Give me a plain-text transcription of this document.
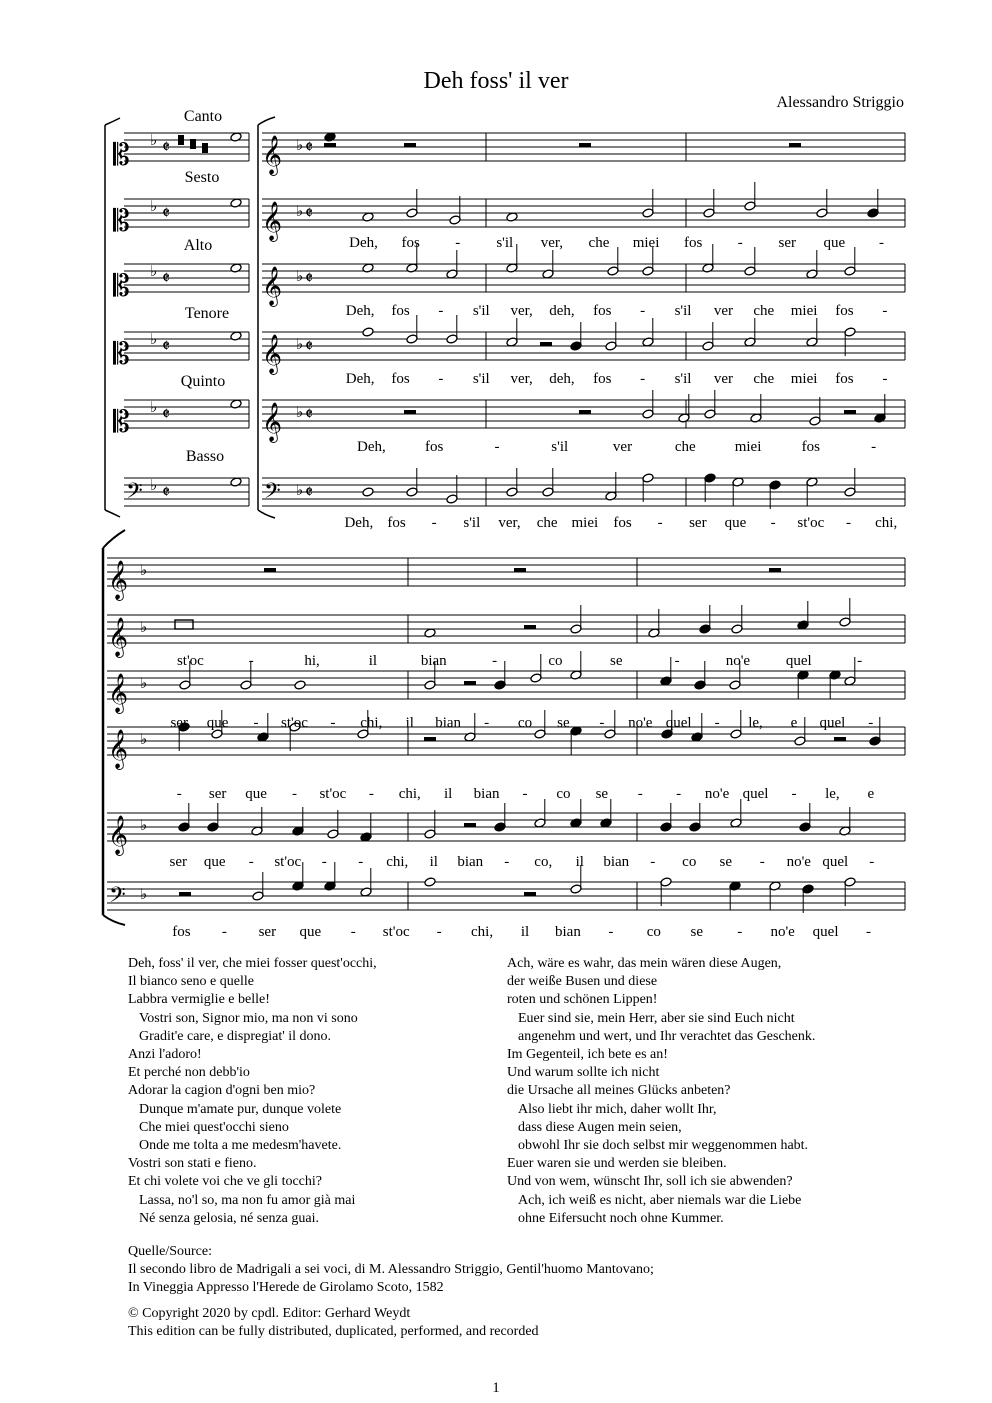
Deh foss' il ver
Alessandro Striggio
Canto
𝄡	𝄞
♭	♭
𝄵	𝄵
Sesto
𝄡	𝄞
♭	♭
𝄵	𝄵
Alto
𝄡	𝄞
♭	♭
𝄵	𝄵
Tenore
𝄡	𝄞
♭	♭
𝄵	𝄵
Quinto
𝄡	𝄞
♭	♭
𝄵	𝄵
Basso
𝄢	𝄢
♭	♭
𝄵	𝄵
𝄞 ♭
𝄞 ♭
𝄞 ♭
𝄞 ♭
𝄞 ♭
𝄢 ♭
Deh, fos - s'il ver, che miei fos - ser que -
Deh, fos - s'il ver, deh, fos - s'il ver che miei fos -
Deh, fos - s'il ver, deh, fos - s'il ver che miei fos -
Deh,	fos	-	s'il	ver	che	miei	fos	-
Deh, fos - s'il ver, che miei fos - ser que - st'oc - chi,
st'oc	-	hi,	il	bian	-	co	se	-	no'e quel	-
ser que - st'oc - chi, il bian - co se - no'e quel - le, e quel -
- ser que - st'oc - chi, il bian - co se - - no'e quel - le, e
ser que - st'oc - - chi, il bian - co, il bian - co se - no'e quel -
fos - ser que - st'oc - chi, il bian - co se - no'e quel -
Deh, foss' il ver, che miei fosser quest'occhi,
Il bianco seno e quelle
Labbra vermiglie e belle!
Vostri son, Signor mio, ma non vi sono
Gradit'e care, e dispregiat' il dono.
Anzi l'adoro!
Et perché non debb'io
Adorar la cagion d'ogni ben mio?
Dunque m'amate pur, dunque volete
Che miei quest'occhi sieno
Onde me tolta a me medesm'havete.
Vostri son stati e fieno.
Et chi volete voi che ve gli tocchi?
Lassa, no'l so, ma non fu amor già mai
Né senza gelosia, né senza guai.
Ach, wäre es wahr, das mein wären diese Augen,
der weiße Busen und diese
roten und schönen Lippen!
Euer sind sie, mein Herr, aber sie sind Euch nicht
angenehm und wert, und Ihr verachtet das Geschenk.
Im Gegenteil, ich bete es an!
Und warum sollte ich nicht
die Ursache all meines Glücks anbeten?
Also liebt ihr mich, daher wollt Ihr,
dass diese Augen mein seien,
obwohl Ihr sie doch selbst mir weggenommen habt.
Euer waren sie und werden sie bleiben.
Und von wem, wünscht Ihr, soll ich sie abwenden?
Ach, ich weiß es nicht, aber niemals war die Liebe
ohne Eifersucht noch ohne Kummer.
Quelle/Source:
Il secondo libro de Madrigali a sei voci, di M. Alessandro Striggio, Gentil'huomo Mantovano;
In Vineggia Appresso l'Herede de Girolamo Scoto, 1582
© Copyright 2020 by cpdl. Editor: Gerhard Weydt
This edition can be fully distributed, duplicated, performed, and recorded
1
